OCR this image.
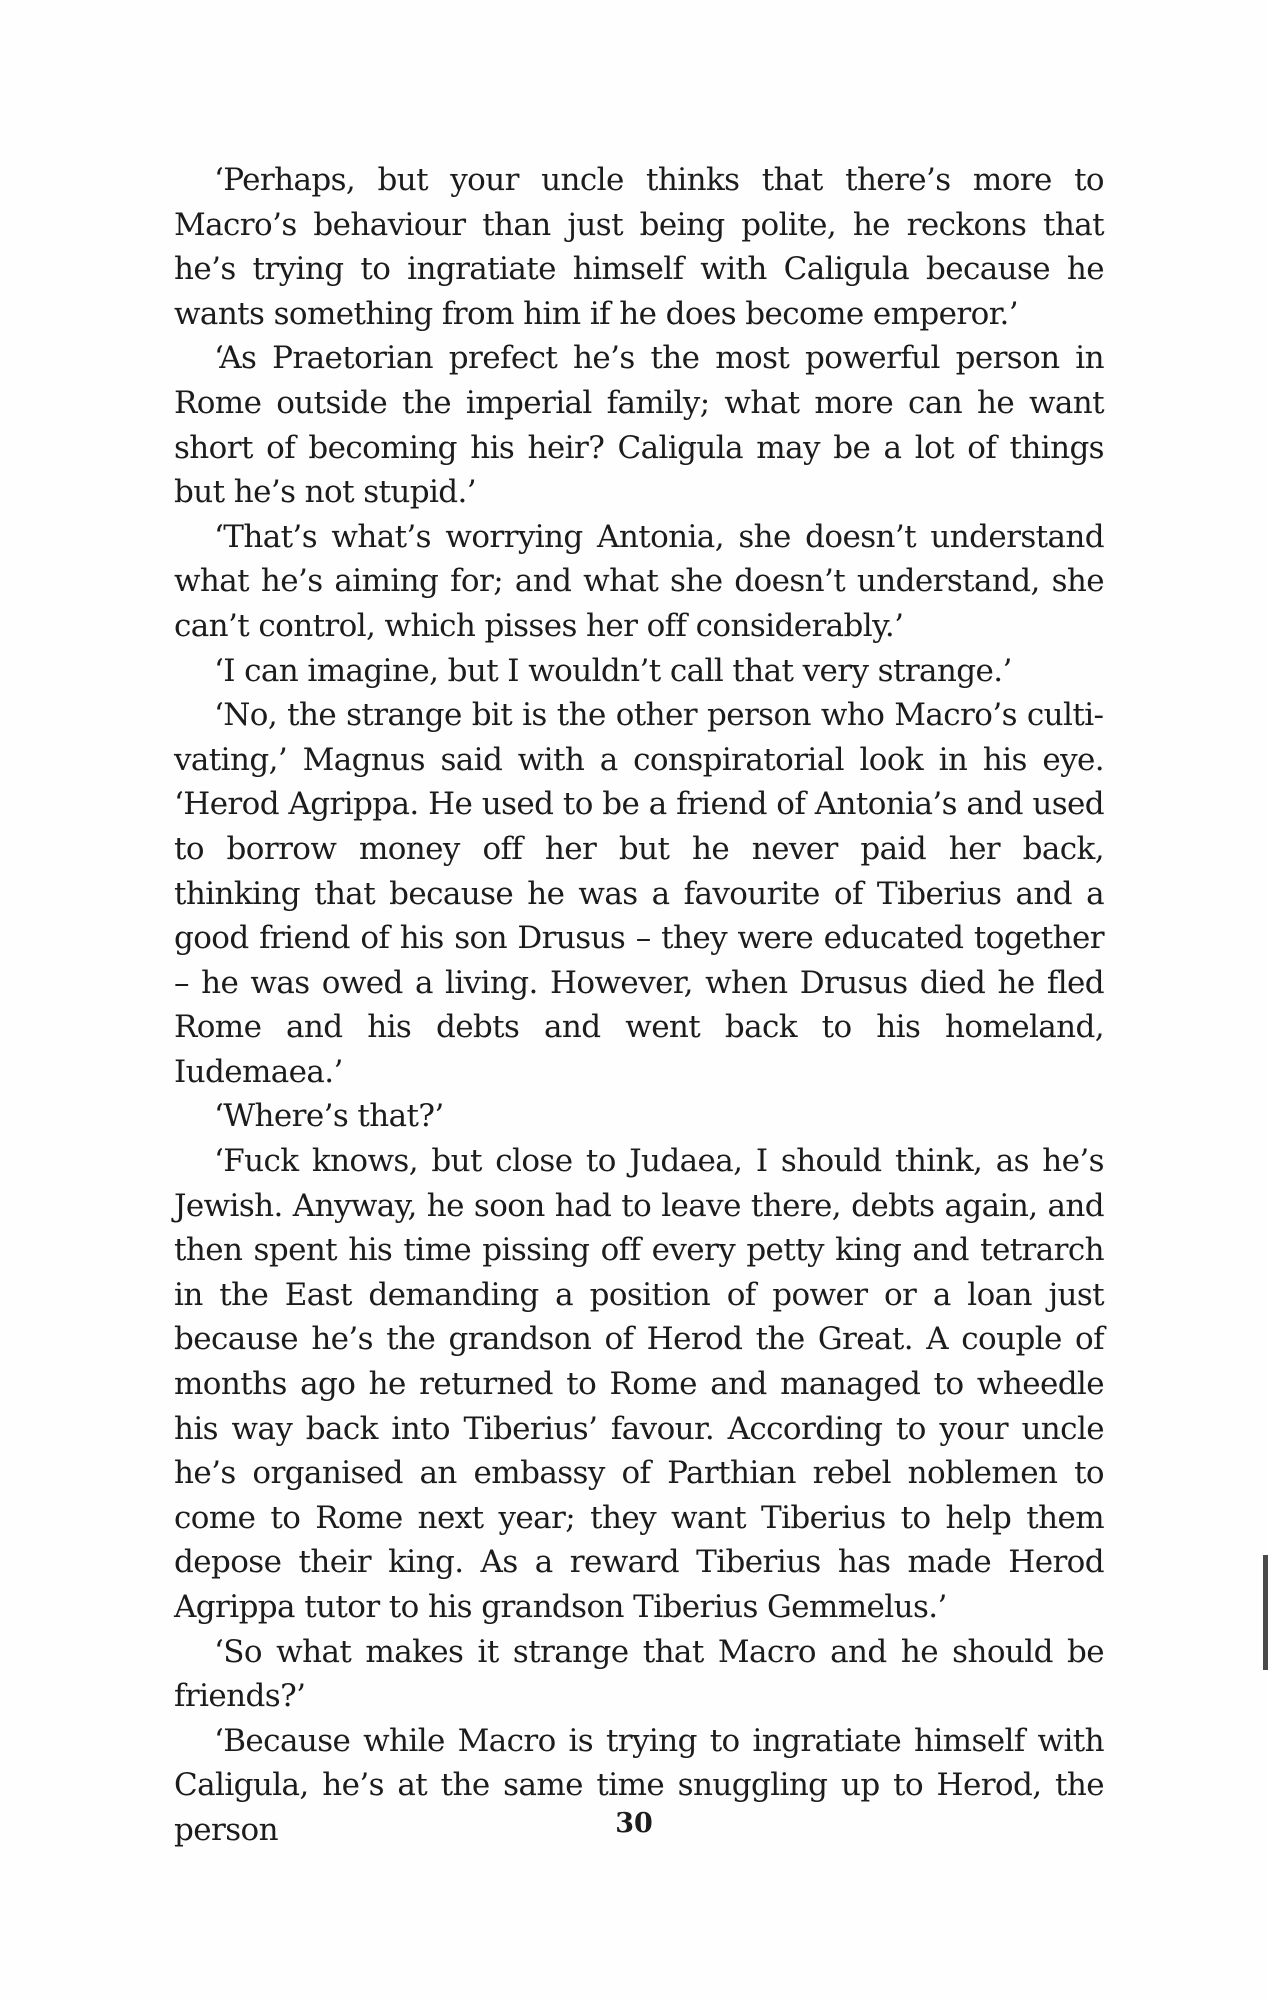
‘Perhaps, but your uncle thinks that there’s more to Macro’s behaviour than just being polite, he reckons that he’s trying to ingratiate himself with Caligula because he wants something from him if he does become emperor.’

‘As Praetorian prefect he’s the most powerful person in Rome outside the imperial family; what more can he want short of becoming his heir? Caligula may be a lot of things but he’s not stupid.’

‘That’s what’s worrying Antonia, she doesn’t understand what he’s aiming for; and what she doesn’t understand, she can’t control, which pisses her off considerably.’

‘I can imagine, but I wouldn’t call that very strange.’

‘No, the strange bit is the other person who Macro’s cultivating,’ Magnus said with a conspiratorial look in his eye. ‘Herod Agrippa. He used to be a friend of Antonia’s and used to borrow money off her but he never paid her back, thinking that because he was a favourite of Tiberius and a good friend of his son Drusus – they were educated together – he was owed a living. However, when Drusus died he fled Rome and his debts and went back to his homeland, Iudemaea.’

‘Where’s that?’

‘Fuck knows, but close to Judaea, I should think, as he’s Jewish. Anyway, he soon had to leave there, debts again, and then spent his time pissing off every petty king and tetrarch in the East demanding a position of power or a loan just because he’s the grandson of Herod the Great. A couple of months ago he returned to Rome and managed to wheedle his way back into Tiberius’ favour. According to your uncle he’s organised an embassy of Parthian rebel noblemen to come to Rome next year; they want Tiberius to help them depose their king. As a reward Tiberius has made Herod Agrippa tutor to his grandson Tiberius Gemmelus.’

‘So what makes it strange that Macro and he should be friends?’

‘Because while Macro is trying to ingratiate himself with Caligula, he’s at the same time snuggling up to Herod, the person	30
